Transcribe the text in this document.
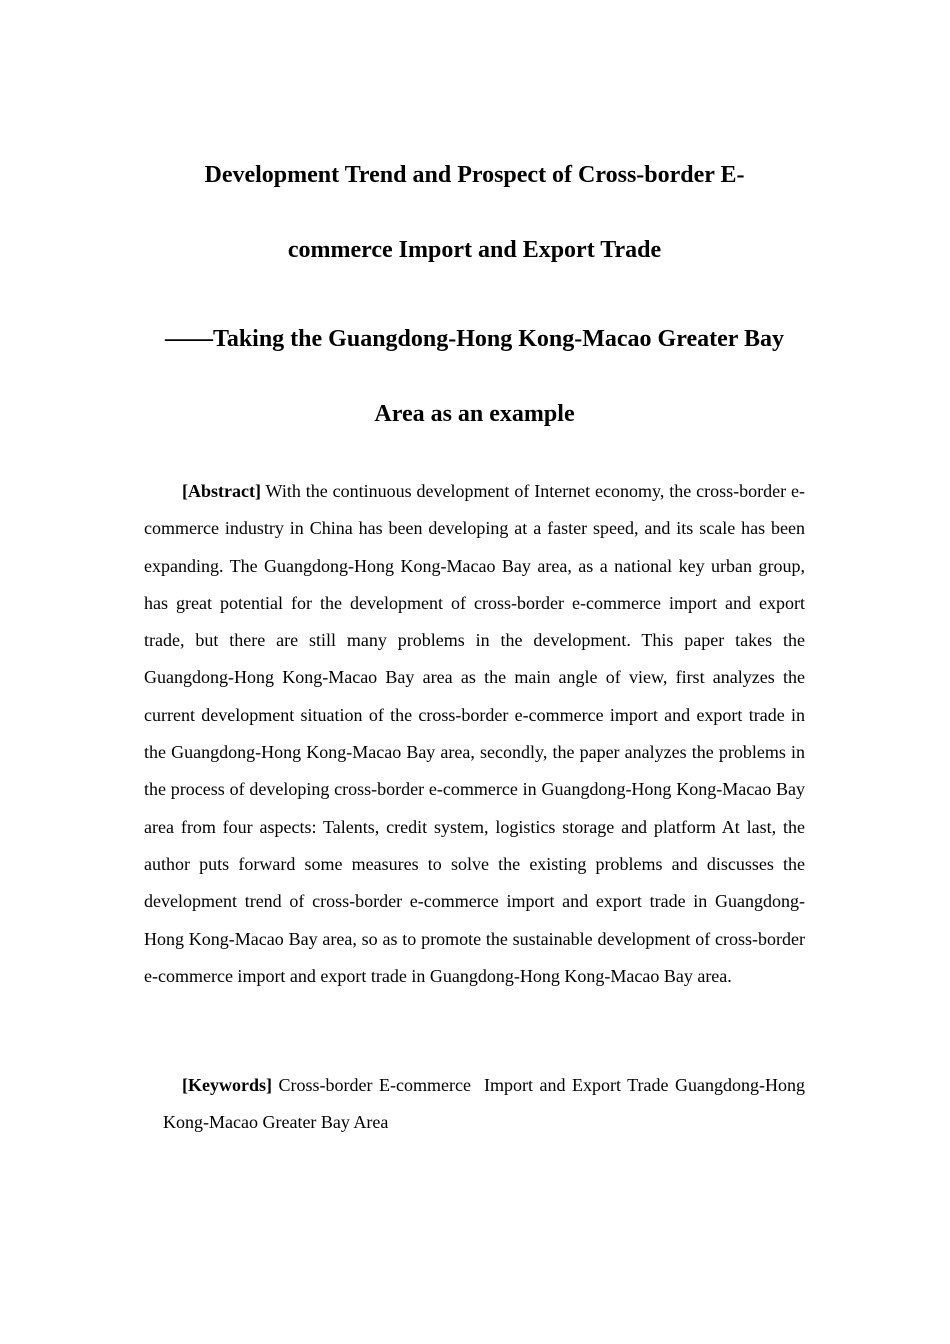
Development Trend and Prospect of Cross-border E-
commerce Import and Export Trade
——Taking the Guangdong-Hong Kong-Macao Greater Bay
Area as an example
[Abstract] With the continuous development of Internet economy, the cross-border e-commerce industry in China has been developing at a faster speed, and its scale has been expanding. The Guangdong-Hong Kong-Macao Bay area, as a national key urban group, has great potential for the development of cross-border e-commerce import and export trade, but there are still many problems in the development. This paper takes the Guangdong-Hong Kong-Macao Bay area as the main angle of view, first analyzes the current development situation of the cross-border e-commerce import and export trade in the Guangdong-Hong Kong-Macao Bay area, secondly, the paper analyzes the problems in the process of developing cross-border e-commerce in Guangdong-Hong Kong-Macao Bay area from four aspects: Talents, credit system, logistics storage and platform At last, the author puts forward some measures to solve the existing problems and discusses the development trend of cross-border e-commerce import and export trade in Guangdong-Hong Kong-Macao Bay area, so as to promote the sustainable development of cross-border e-commerce import and export trade in Guangdong-Hong Kong-Macao Bay area.
[Keywords] Cross-border E-commerce  Import and Export Trade Guangdong-Hong Kong-Macao Greater Bay Area
